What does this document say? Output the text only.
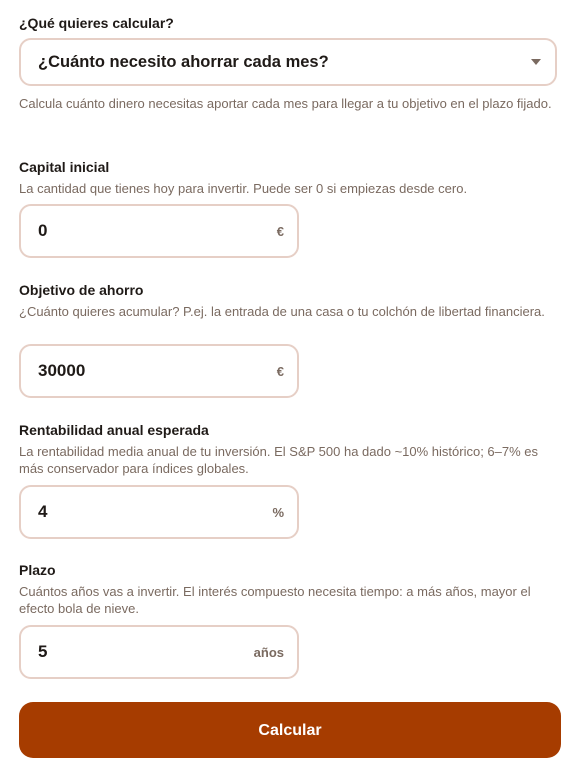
¿Qué quieres calcular?

¿Cuánto necesito ahorrar cada mes?

Calcula cuánto dinero necesitas aportar cada mes para llegar a tu objetivo en el plazo fijado.

Capital inicial

La cantidad que tienes hoy para invertir. Puede ser 0 si empiezas desde cero.

0	€

Objetivo de ahorro

¿Cuánto quieres acumular? P.ej. la entrada de una casa o tu colchón de libertad financiera.

30000	€

Rentabilidad anual esperada

La rentabilidad media anual de tu inversión. El S&P 500 ha dado ~10% histórico; 6–7% es más conservador para índices globales.

4	%

Plazo

Cuántos años vas a invertir. El interés compuesto necesita tiempo: a más años, mayor el efecto bola de nieve.

5	años
Calcular
